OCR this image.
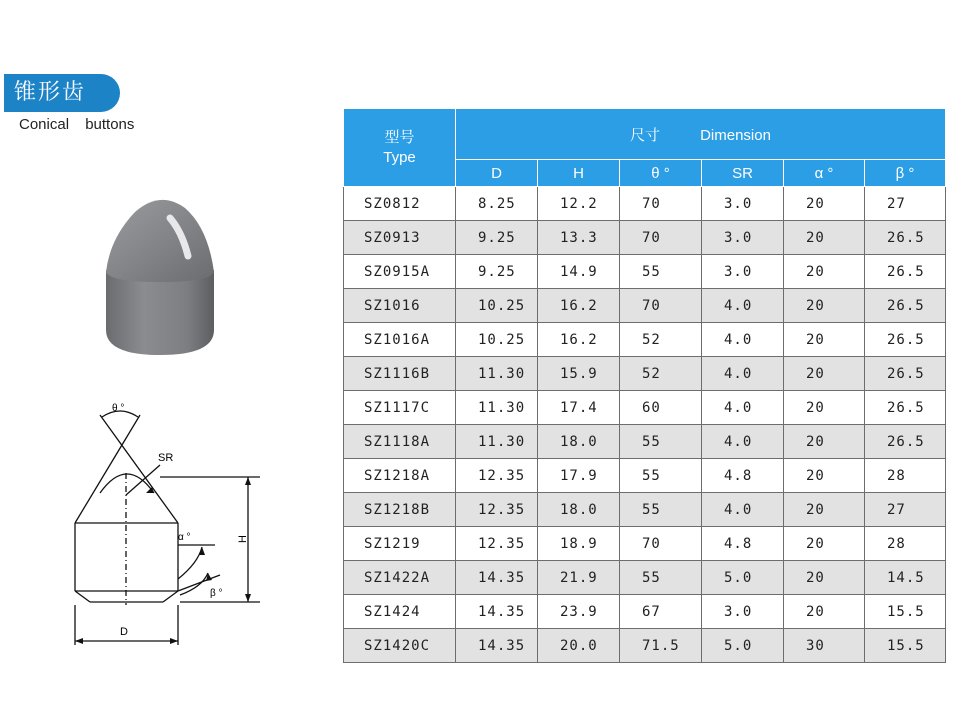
锥形齿
Conical buttons
θ °
SR
H
α °
β °
D
型号
Type	尺寸 Dimension					
	D	H	θ °	SR	α °	β °
SZ0812	8.25	12.2	70	3.0	20	27
SZ0913	9.25	13.3	70	3.0	20	26.5
SZ0915A	9.25	14.9	55	3.0	20	26.5
SZ1016	10.25	16.2	70	4.0	20	26.5
SZ1016A	10.25	16.2	52	4.0	20	26.5
SZ1116B	11.30	15.9	52	4.0	20	26.5
SZ1117C	11.30	17.4	60	4.0	20	26.5
SZ1118A	11.30	18.0	55	4.0	20	26.5
SZ1218A	12.35	17.9	55	4.8	20	28
SZ1218B	12.35	18.0	55	4.0	20	27
SZ1219	12.35	18.9	70	4.8	20	28
SZ1422A	14.35	21.9	55	5.0	20	14.5
SZ1424	14.35	23.9	67	3.0	20	15.5
SZ1420C	14.35	20.0	71.5	5.0	30	15.5
